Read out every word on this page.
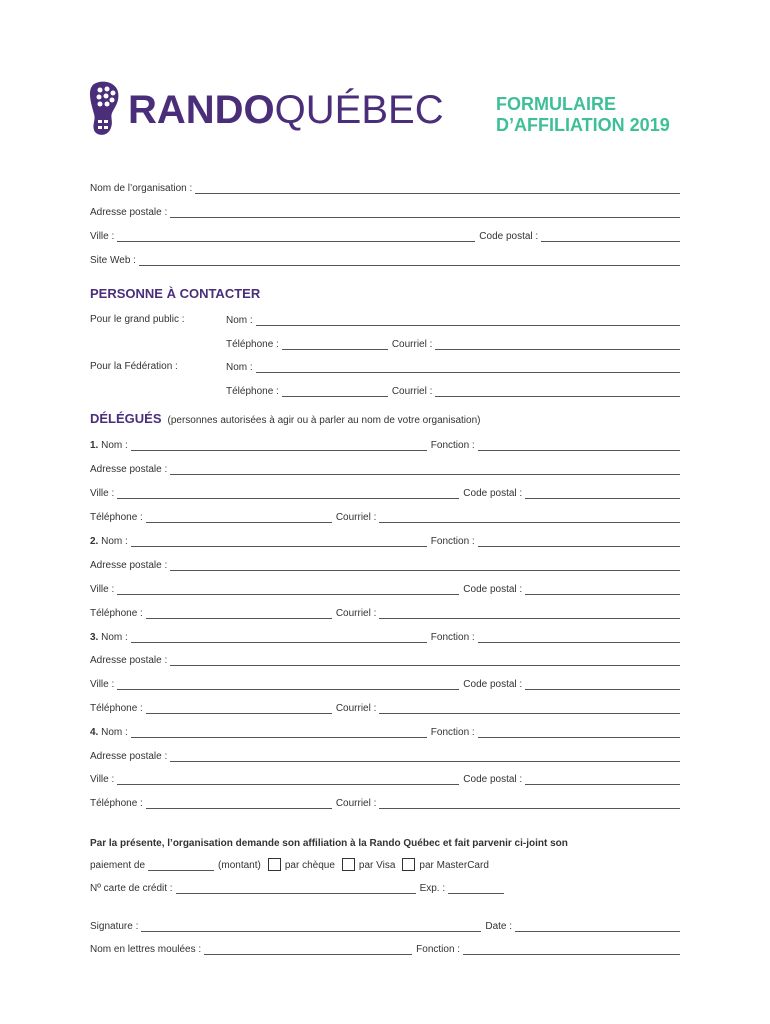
RANDOQUÉBEC	FORMULAIRE
D’AFFILIATION 2019
Nom de l’organisation :
Adresse postale :
Ville :	Code postal :
Site Web :
PERSONNE À CONTACTER
Pour le grand public :	Nom :
Téléphone :	Courriel :
Pour la Fédération :	Nom :
Téléphone :	Courriel :
DÉLÉGUÉS (personnes autorisées à agir ou à parler au nom de votre organisation)
1. Nom :	Fonction :
Adresse postale :
Ville :	Code postal :
Téléphone :	Courriel :
2. Nom :	Fonction :
Adresse postale :
Ville :	Code postal :
Téléphone :	Courriel :
3. Nom :	Fonction :
Adresse postale :
Ville :	Code postal :
Téléphone :	Courriel :
4. Nom :	Fonction :
Adresse postale :
Ville :	Code postal :
Téléphone :	Courriel :
Par la présente, l’organisation demande son affiliation à la Rando Québec et fait parvenir ci-joint son
paiement de	(montant)	par chèque	par Visa	par MasterCard
Nº carte de crédit :	Exp. :
Signature :	Date :
Nom en lettres moulées :	Fonction :
